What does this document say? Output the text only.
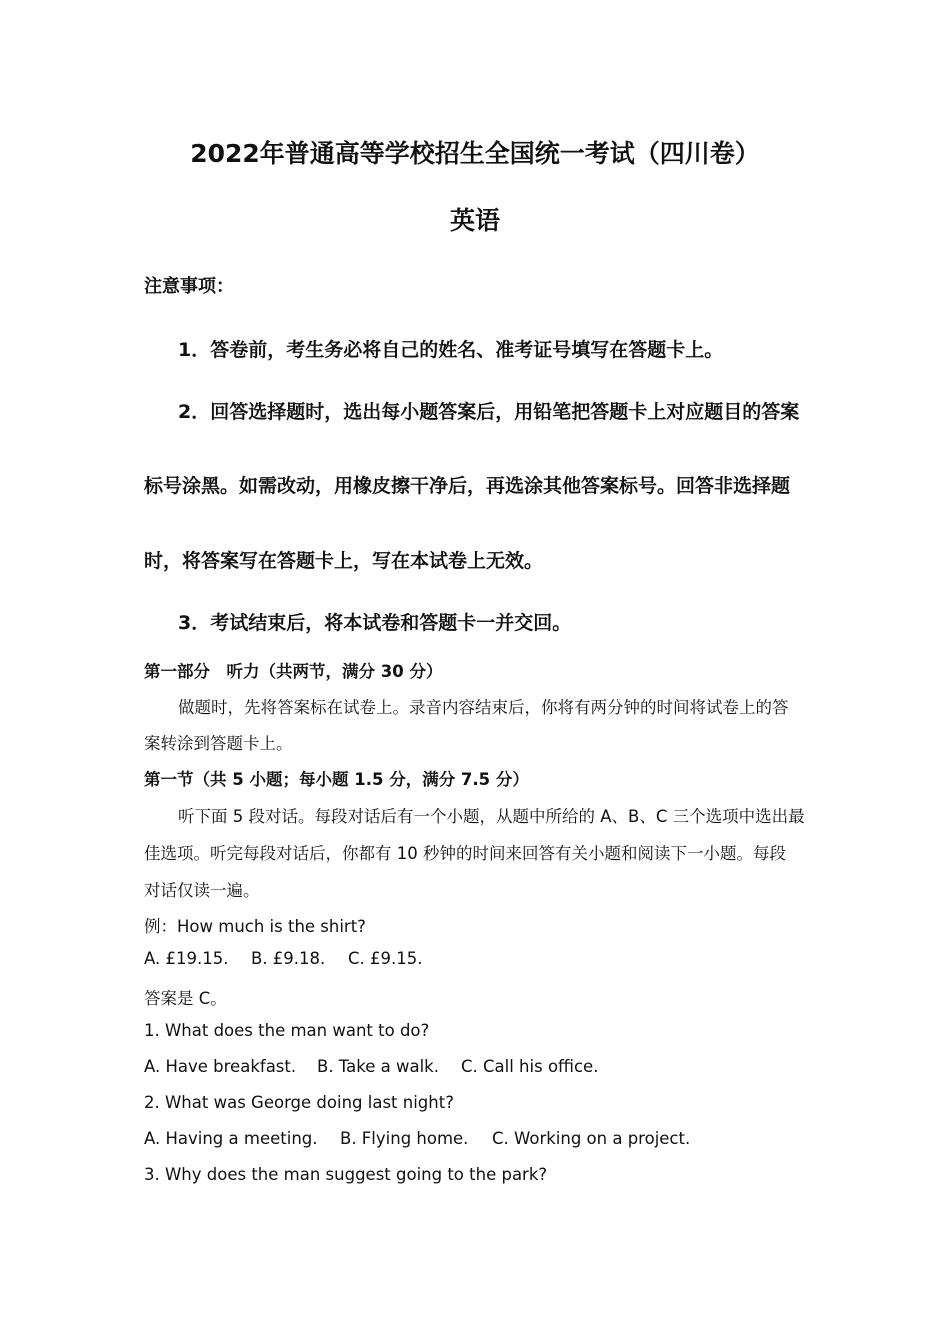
2022年普通高等学校招生全国统一考试（四川卷）
英语
注意事项：
1．答卷前，考生务必将自己的姓名、准考证号填写在答题卡上。
2．回答选择题时，选出每小题答案后，用铅笔把答题卡上对应题目的答案
标号涂黑。如需改动，用橡皮擦干净后，再选涂其他答案标号。回答非选择题
时，将答案写在答题卡上，写在本试卷上无效。
3．考试结束后，将本试卷和答题卡一并交回。
第一部分　听力（共两节，满分 30 分）
做题时，先将答案标在试卷上。录音内容结束后，你将有两分钟的时间将试卷上的答
案转涂到答题卡上。
第一节（共 5 小题；每小题 1.5 分，满分 7.5 分）
听下面 5 段对话。每段对话后有一个小题，从题中所给的 A、B、C 三个选项中选出最
佳选项。听完每段对话后，你都有 10 秒钟的时间来回答有关小题和阅读下一小题。每段
对话仅读一遍。
例：How much is the shirt?
A. £19.15. B. £9.18. C. £9.15.
答案是 C。
1. What does the man want to do?
A. Have breakfast. B. Take a walk. C. Call his office.
2. What was George doing last night?
A. Having a meeting. B. Flying home. C. Working on a project.
3. Why does the man suggest going to the park?
